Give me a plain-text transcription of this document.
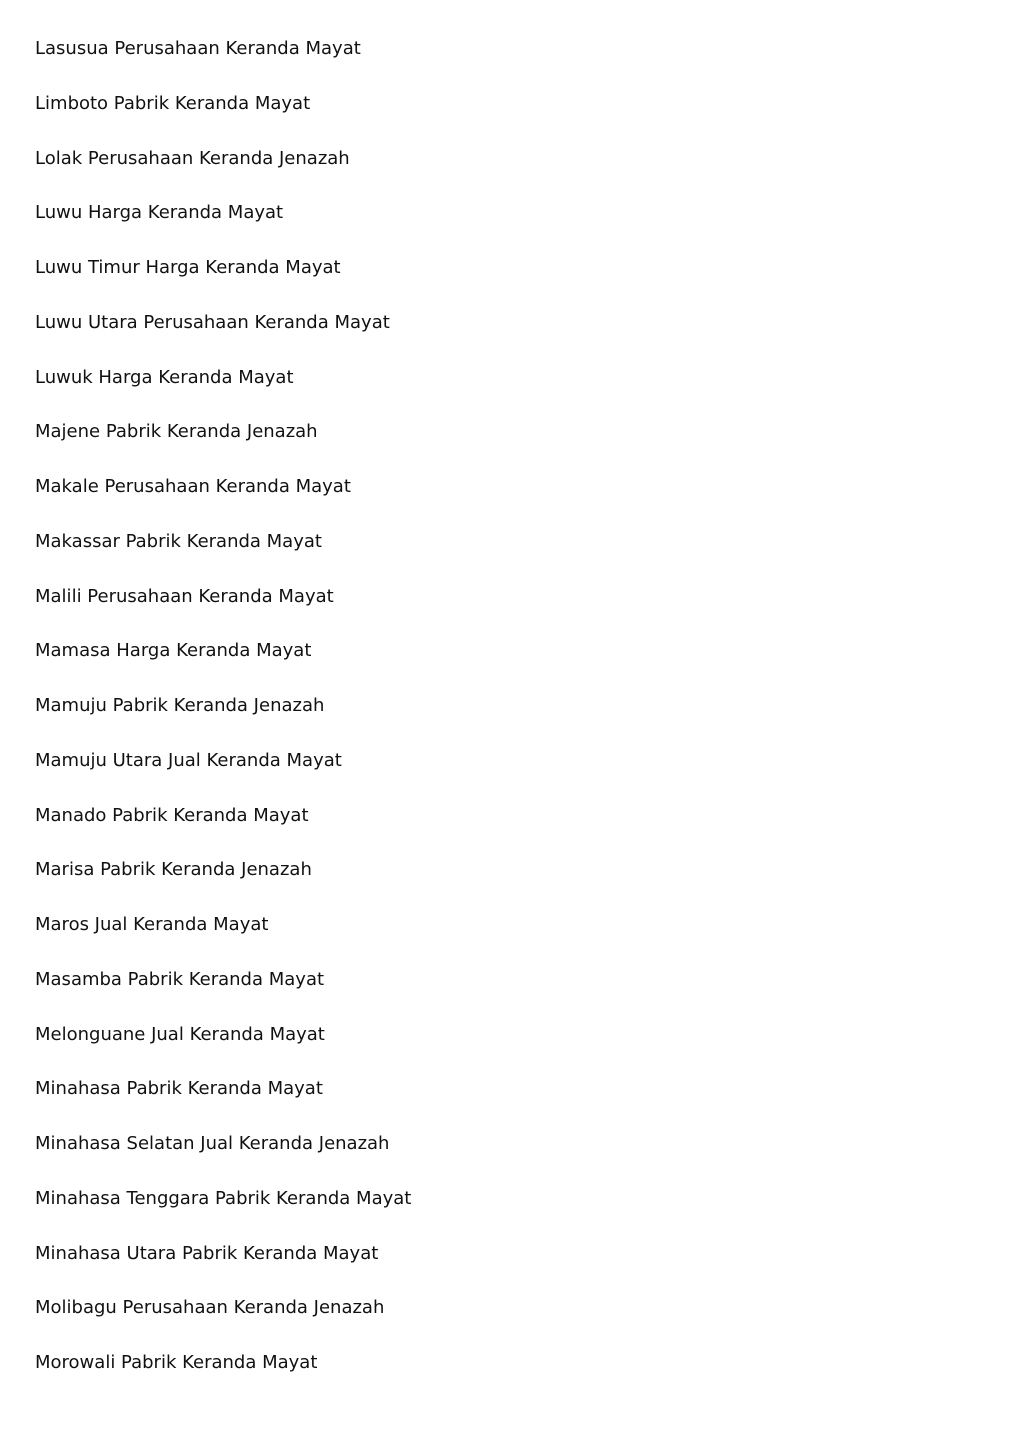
Lasusua Perusahaan Keranda Mayat
Limboto Pabrik Keranda Mayat
Lolak Perusahaan Keranda Jenazah
Luwu Harga Keranda Mayat
Luwu Timur Harga Keranda Mayat
Luwu Utara Perusahaan Keranda Mayat
Luwuk Harga Keranda Mayat
Majene Pabrik Keranda Jenazah
Makale Perusahaan Keranda Mayat
Makassar Pabrik Keranda Mayat
Malili Perusahaan Keranda Mayat
Mamasa Harga Keranda Mayat
Mamuju Pabrik Keranda Jenazah
Mamuju Utara Jual Keranda Mayat
Manado Pabrik Keranda Mayat
Marisa Pabrik Keranda Jenazah
Maros Jual Keranda Mayat
Masamba Pabrik Keranda Mayat
Melonguane Jual Keranda Mayat
Minahasa Pabrik Keranda Mayat
Minahasa Selatan Jual Keranda Jenazah
Minahasa Tenggara Pabrik Keranda Mayat
Minahasa Utara Pabrik Keranda Mayat
Molibagu Perusahaan Keranda Jenazah
Morowali Pabrik Keranda Mayat
